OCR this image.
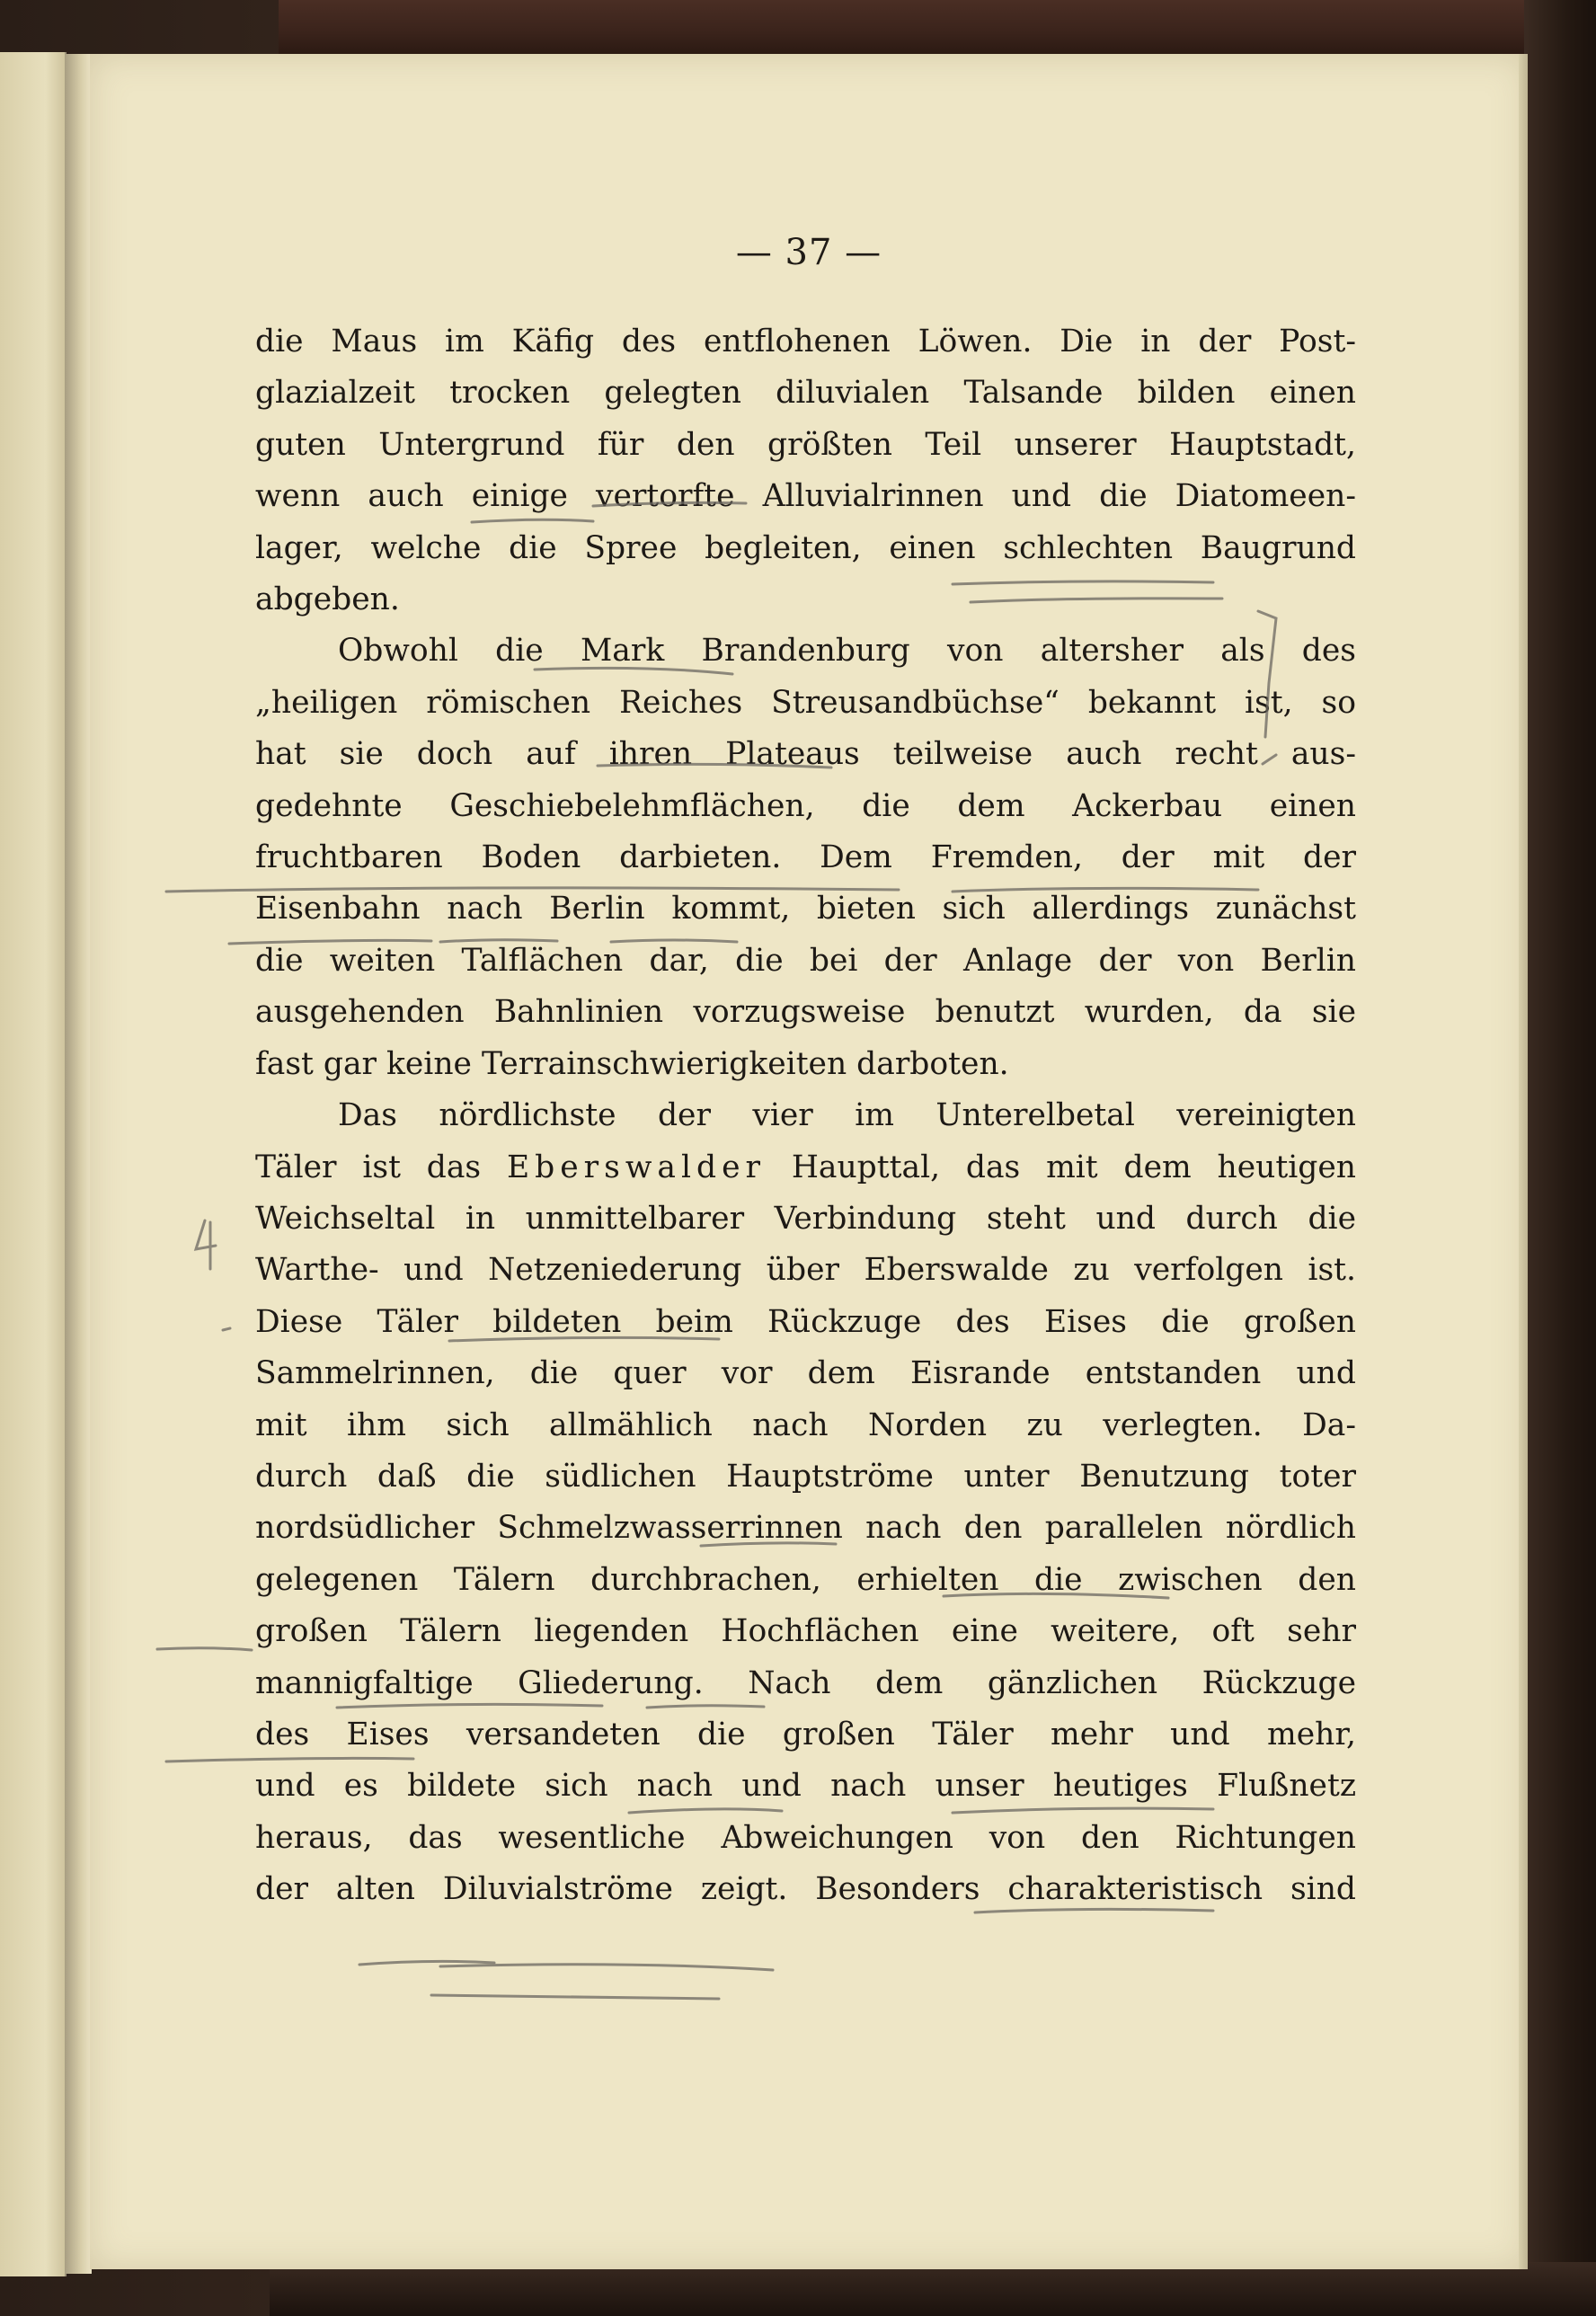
— 37 —

die Maus im Käfig des entflohenen Löwen. Die in der Post-
glazialzeit trocken gelegten diluvialen Talsande bilden einen
guten Untergrund für den größten Teil unserer Hauptstadt,
wenn auch einige vertorfte Alluvialrinnen und die Diatomeen-
lager, welche die Spree begleiten, einen schlechten Baugrund
abgeben.

Obwohl die Mark Brandenburg von altersher als des
„heiligen römischen Reiches Streusandbüchse“ bekannt ist, so
hat sie doch auf ihren Plateaus teilweise auch recht aus-
gedehnte Geschiebelehmflächen, die dem Ackerbau einen
fruchtbaren Boden darbieten. Dem Fremden, der mit der
Eisenbahn nach Berlin kommt, bieten sich allerdings zunächst
die weiten Talflächen dar, die bei der Anlage der von Berlin
ausgehenden Bahnlinien vorzugsweise benutzt wurden, da sie
fast gar keine Terrainschwierigkeiten darboten.

Das nördlichste der vier im Unterelbetal vereinigten
Täler ist das Eberswalder Haupttal, das mit dem heutigen
Weichseltal in unmittelbarer Verbindung steht und durch die
Warthe- und Netzeniederung über Eberswalde zu verfolgen ist.
Diese Täler bildeten beim Rückzuge des Eises die großen
Sammelrinnen, die quer vor dem Eisrande entstanden und
mit ihm sich allmählich nach Norden zu verlegten. Da-
durch daß die südlichen Hauptströme unter Benutzung toter
nordsüdlicher Schmelzwasserrinnen nach den parallelen nördlich
gelegenen Tälern durchbrachen, erhielten die zwischen den
großen Tälern liegenden Hochflächen eine weitere, oft sehr
mannigfaltige Gliederung. Nach dem gänzlichen Rückzuge
des Eises versandeten die großen Täler mehr und mehr,
und es bildete sich nach und nach unser heutiges Flußnetz
heraus, das wesentliche Abweichungen von den Richtungen
der alten Diluvialströme zeigt. Besonders charakteristisch sind
